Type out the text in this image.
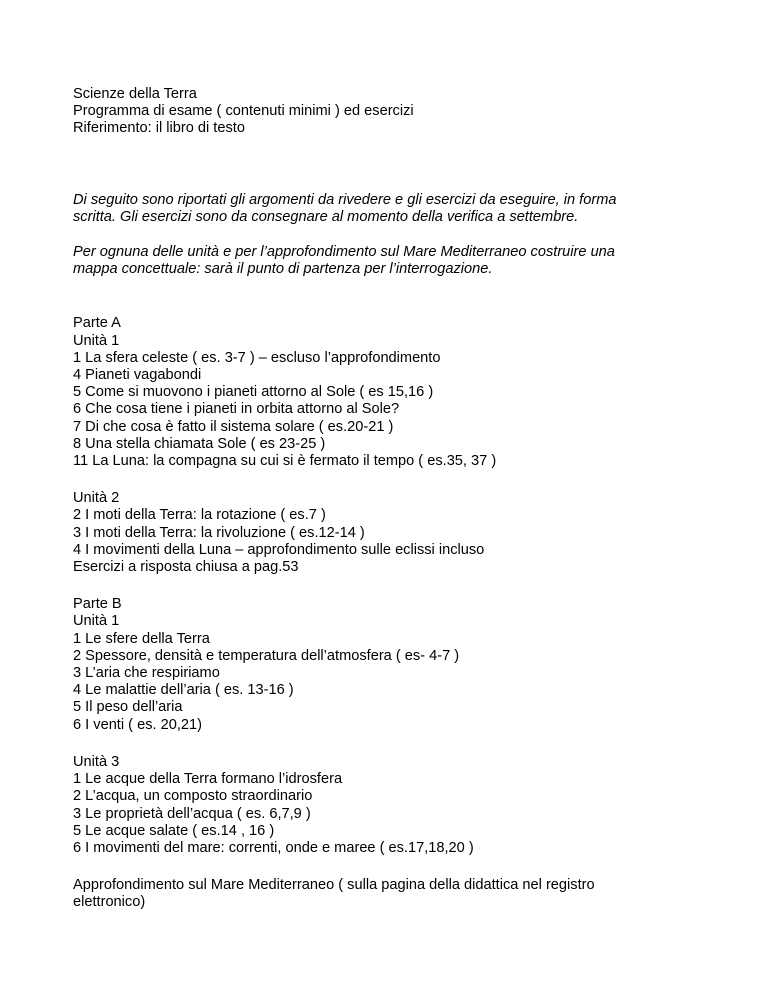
Scienze della Terra
Programma di esame ( contenuti minimi ) ed esercizi
Riferimento: il libro di testo
Di seguito sono riportati gli argomenti da rivedere e gli esercizi da eseguire, in forma
scritta. Gli esercizi sono da consegnare al momento della verifica a settembre.
Per ognuna delle unità e per l’approfondimento sul Mare Mediterraneo costruire una
mappa concettuale: sarà il punto di partenza per l’interrogazione.
Parte A
Unità 1
1 La sfera celeste ( es. 3-7 ) – escluso l’approfondimento
4 Pianeti vagabondi
5 Come si muovono i pianeti attorno al Sole ( es 15,16 )
6 Che cosa tiene i pianeti in orbita attorno al Sole?
7 Di che cosa è fatto il sistema solare ( es.20-21 )
8 Una stella chiamata Sole ( es 23-25 )
11 La Luna: la compagna su cui si è fermato il tempo ( es.35, 37 )
Unità 2
2 I moti della Terra: la rotazione ( es.7 )
3 I moti della Terra: la rivoluzione ( es.12-14 )
4 I movimenti della Luna – approfondimento sulle eclissi incluso
Esercizi a risposta chiusa a pag.53
Parte B
Unità 1
1 Le sfere della Terra
2 Spessore, densità e temperatura dell’atmosfera ( es- 4-7 )
3 L’aria che respiriamo
4 Le malattie dell’aria ( es. 13-16 )
5 Il peso dell’aria
6 I venti ( es. 20,21)
Unità 3
1 Le acque della Terra formano l’idrosfera
2 L’acqua, un composto straordinario
3 Le proprietà dell’acqua ( es. 6,7,9 )
5 Le acque salate ( es.14 , 16 )
6 I movimenti del mare: correnti, onde e maree ( es.17,18,20 )
Approfondimento sul Mare Mediterraneo ( sulla pagina della didattica nel registro
elettronico)
